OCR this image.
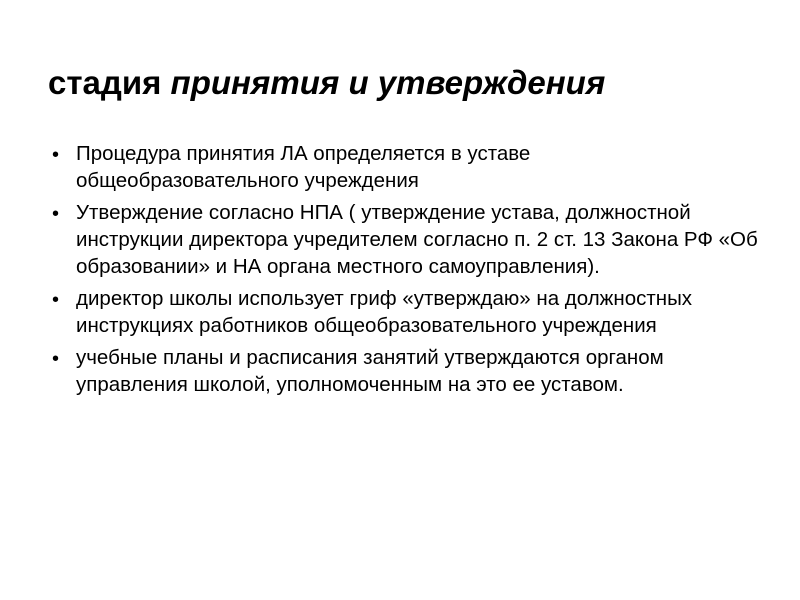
стадия принятия и утверждения
• Процедура принятия ЛА определяется в уставе общеобразовательного учреждения
• Утверждение согласно НПА ( утверждение устава, должностной инструкции директора учредителем согласно п. 2 ст. 13 Закона РФ «Об образовании» и НА органа местного самоуправления).
• директор школы использует гриф «утверждаю» на должностных инструкциях работников общеобразовательного учреждения
• учебные планы и расписания занятий утверждаются органом управления школой, уполномоченным на это ее уставом.
